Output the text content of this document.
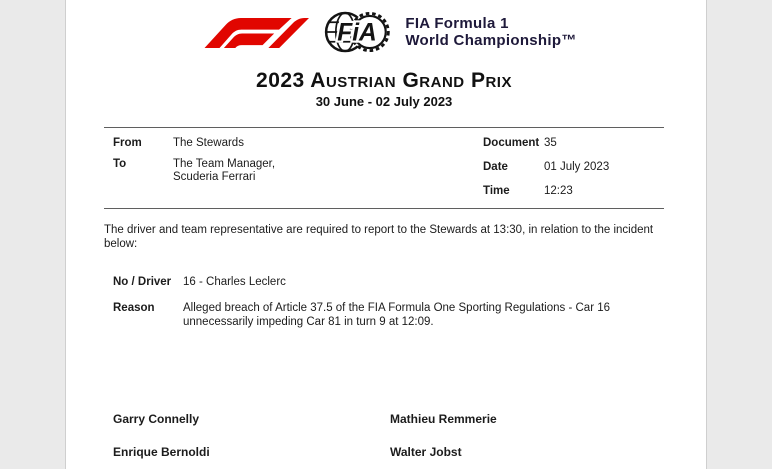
FiA FIA Formula 1
World Championship™
2023 Austrian Grand Prix
30 June - 02 July 2023
From	The Stewards
To	The Team Manager,
Scuderia Ferrari
Document 35
Date	01 July 2023
Time	12:23

The driver and team representative are required to report to the Stewards at 13:30, in relation to the incident below:

No / Driver	16 - Charles Leclerc
Reason	Alleged breach of Article 37.5 of the FIA Formula One Sporting Regulations - Car 16 unnecessarily impeding Car 81 in turn 9 at 12:09.
Garry Connelly	Mathieu Remmerie
Enrique Bernoldi	Walter Jobst
